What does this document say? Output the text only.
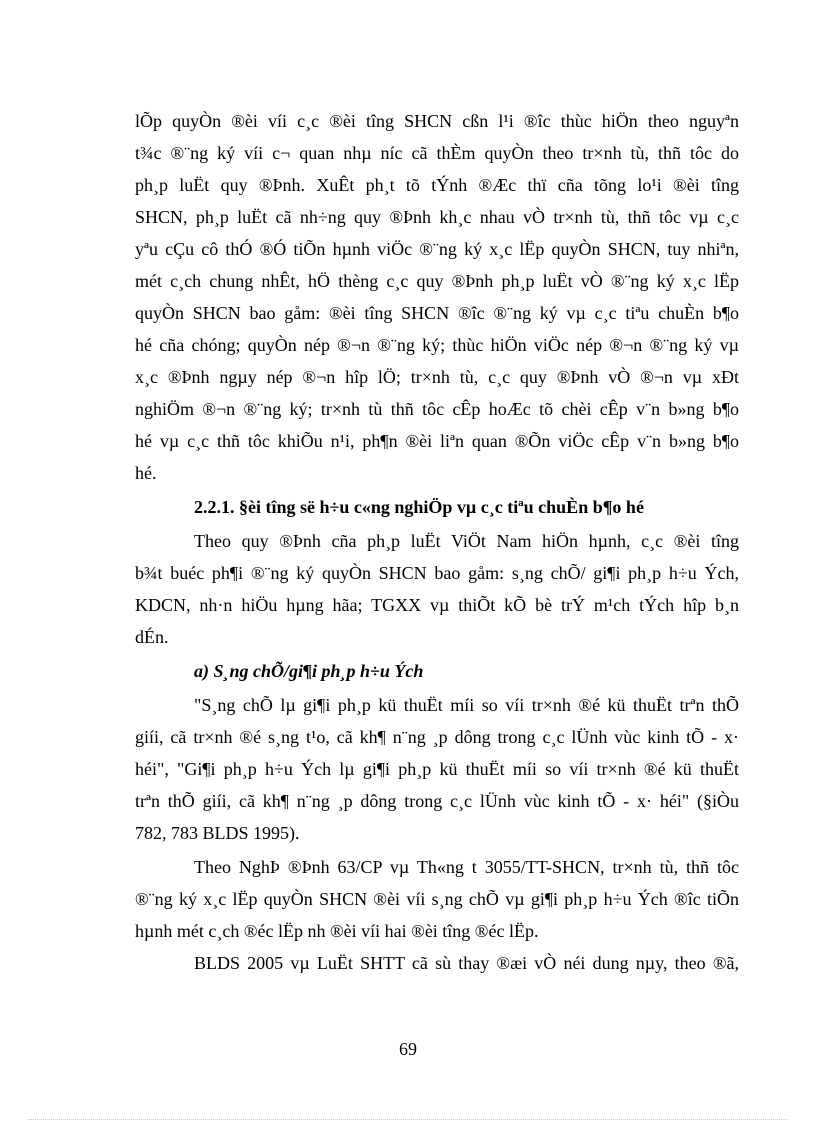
lÕp quyÒn ®èi víi c¸c ®èi tîng SHCN cßn l¹i ®îc thùc hiÖn theo nguyªn
t¾c ®¨ng ký víi c¬ quan nhµ níc cã thÈm quyÒn theo tr×nh tù, thñ tôc do
ph¸p luËt quy ®Þnh. XuÊt ph¸t tõ tÝnh ®Æc thï cña tõng lo¹i ®èi tîng
SHCN, ph¸p luËt cã nh÷ng quy ®Þnh kh¸c nhau vÒ tr×nh tù, thñ tôc vµ c¸c
yªu cÇu cô thÓ ®Ó tiÕn hµnh viÖc ®¨ng ký x¸c lËp quyÒn SHCN, tuy nhiªn,
mét c¸ch chung nhÊt, hÖ thèng c¸c quy ®Þnh ph¸p luËt vÒ ®¨ng ký x¸c lËp
quyÒn SHCN bao gåm: ®èi tîng SHCN ®îc ®¨ng ký vµ c¸c tiªu chuÈn b¶o
hé cña chóng; quyÒn nép ®¬n ®¨ng ký; thùc hiÖn viÖc nép ®¬n ®¨ng ký vµ
x¸c ®Þnh ngµy nép ®¬n hîp lÖ; tr×nh tù, c¸c quy ®Þnh vÒ ®¬n vµ xÐt
nghiÖm ®¬n ®¨ng ký; tr×nh tù thñ tôc cÊp hoÆc tõ chèi cÊp v¨n b»ng b¶o
hé vµ c¸c thñ tôc khiÕu n¹i, ph¶n ®èi liªn quan ®Õn viÖc cÊp v¨n b»ng b¶o
hé.
2.2.1. §èi tîng së h÷u c«ng nghiÖp vµ c¸c tiªu chuÈn b¶o hé
Theo quy ®Þnh cña ph¸p luËt ViÖt Nam hiÖn hµnh, c¸c ®èi tîng
b¾t buéc ph¶i ®¨ng ký quyÒn SHCN bao gåm: s¸ng chÕ/ gi¶i ph¸p h÷u Ých,
KDCN, nh·n hiÖu hµng hãa; TGXX vµ thiÕt kÕ bè trÝ m¹ch tÝch hîp b¸n
dÉn.
a) S¸ng chÕ/gi¶i ph¸p h÷u Ých
"S¸ng chÕ lµ gi¶i ph¸p kü thuËt míi so víi tr×nh ®é kü thuËt trªn thÕ
giíi, cã tr×nh ®é s¸ng t¹o, cã kh¶ n¨ng ¸p dông trong c¸c lÜnh vùc kinh tÕ - x·
héi", "Gi¶i ph¸p h÷u Ých lµ gi¶i ph¸p kü thuËt míi so víi tr×nh ®é kü thuËt
trªn thÕ giíi, cã kh¶ n¨ng ¸p dông trong c¸c lÜnh vùc kinh tÕ - x· héi" (§iÒu
782, 783 BLDS 1995).
Theo NghÞ ®Þnh 63/CP vµ Th«ng t 3055/TT-SHCN, tr×nh tù, thñ tôc
®¨ng ký x¸c lËp quyÒn SHCN ®èi víi s¸ng chÕ vµ gi¶i ph¸p h÷u Ých ®îc tiÕn
hµnh mét c¸ch ®éc lËp nh ®èi víi hai ®èi tîng ®éc lËp.
BLDS 2005 vµ LuËt SHTT cã sù thay ®æi vÒ néi dung nµy, theo ®ã,
69
